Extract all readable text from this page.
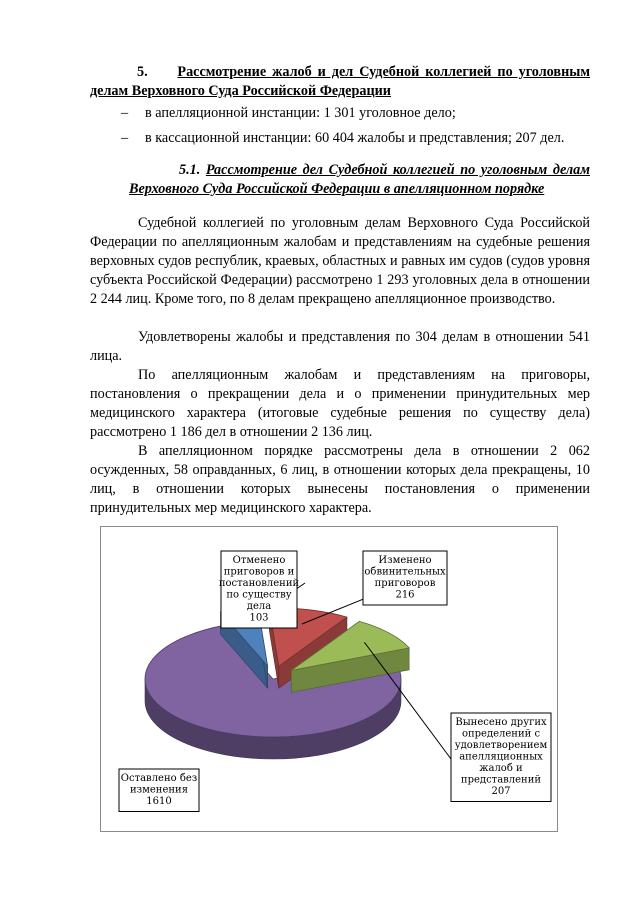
5. Рассмотрение жалоб и дел Судебной коллегией по уголовным делам Верховного Суда Российской Федерации

– в апелляционной инстанции: 1 301 уголовное дело;

– в кассационной инстанции: 60 404 жалобы и представления; 207 дел.

5.1. Рассмотрение дел Судебной коллегией по уголовным делам Верховного Суда Российской Федерации в апелляционном порядке

Судебной коллегией по уголовным делам Верховного Суда Российской Федерации по апелляционным жалобам и представлениям на судебные решения верховных судов республик, краевых, областных и равных им судов (судов уровня субъекта Российской Федерации) рассмотрено 1 293 уголовных дела в отношении 2 244 лиц. Кроме того, по 8 делам прекращено апелляционное производство.

Удовлетворены жалобы и представления по 304 делам в отношении 541 лица.

По апелляционным жалобам и представлениям на приговоры, постановления о прекращении дела и о применении принудительных мер медицинского характера (итоговые судебные решения по существу дела) рассмотрено 1 186 дел в отношении 2 136 лиц.

В апелляционном порядке рассмотрены дела в отношении 2 062 осужденных, 58 оправданных, 6 лиц, в отношении которых дела прекращены, 10 лиц, в отношении которых вынесены постановления о применении принудительных мер медицинского характера.

Оставлено без
изменения
1610
Отменено
приговоров и
постановлений
по существу
дела
103
Изменено
обвинительных
приговоров
216
Вынесено других
определений с
удовлетворением
апелляционных
жалоб и
представлений
207
